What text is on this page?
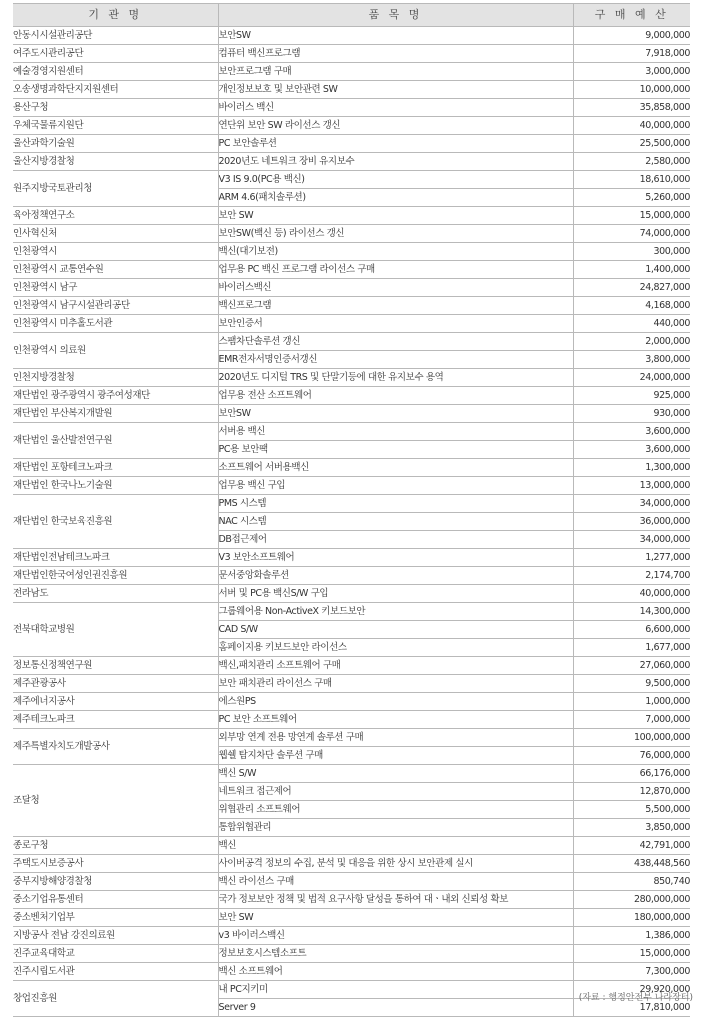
기 관 명	품 목 명	구 매 예 산
안동시시설관리공단	보안SW	9,000,000
여주도시관리공단	컴퓨터 백신프로그램	7,918,000
예술경영지원센터	보안프로그램 구매	3,000,000
오송생명과학단지지원센터	개인정보보호 및 보안관련 SW	10,000,000
용산구청	바이러스 백신	35,858,000
우체국물류지원단	연단위 보안 SW 라이선스 갱신	40,000,000
울산과학기술원	PC 보안솔루션	25,500,000
울산지방경찰청	2020년도 네트워크 장비 유지보수	2,580,000
원주지방국토관리청	V3 IS 9.0(PC용 백신)	18,610,000
	ARM 4.6(패치솔루션)	5,260,000
육아정책연구소	보안 SW	15,000,000
인사혁신처	보안SW(백신 등) 라이선스 갱신	74,000,000
인천광역시	백신(대기보전)	300,000
인천광역시 교통연수원	업무용 PC 백신 프로그램 라이선스 구매	1,400,000
인천광역시 남구	바이러스백신	24,827,000
인천광역시 남구시설관리공단	백신프로그램	4,168,000
인천광역시 미추홀도서관	보안인증서	440,000
인천광역시 의료원	스팸차단솔루션 갱신	2,000,000
	EMR전자서명인증서갱신	3,800,000
인천지방경찰청	2020년도 디지털 TRS 및 단말기등에 대한 유지보수 용역	24,000,000
재단법인 광주광역시 광주여성재단	업무용 전산 소프트웨어	925,000
재단법인 부산복지개발원	보안SW	930,000
재단법인 울산발전연구원	서버용 백신	3,600,000
	PC용 보안팩	3,600,000
재단법인 포항테크노파크	소프트웨어 서버용백신	1,300,000
재단법인 한국나노기술원	업무용 백신 구입	13,000,000
재단법인 한국보육진흥원	PMS 시스템	34,000,000
	NAC 시스템	36,000,000
	DB접근제어	34,000,000
재단법인전남테크노파크	V3 보안소프트웨어	1,277,000
재단법인한국여성인권진흥원	문서중앙화솔루션	2,174,700
전라남도	서버 및 PC용 백신S/W 구입	40,000,000
전북대학교병원	그룹웨어용 Non-ActiveX 키보드보안	14,300,000
	CAD S/W	6,600,000
	홈페이지용 키보드보안 라이선스	1,677,000
정보통신정책연구원	백신,패치관리 소프트웨어 구매	27,060,000
제주관광공사	보안 패치관리 라이선스 구매	9,500,000
제주에너지공사	에스원PS	1,000,000
제주테크노파크	PC 보안 소프트웨어	7,000,000
제주특별자치도개발공사	외부망 연계 전용 망연계 솔루션 구매	100,000,000
	웹쉘 탐지차단 솔루션 구매	76,000,000
조달청	백신 S/W	66,176,000
	네트워크 접근제어	12,870,000
	위협관리 소프트웨어	5,500,000
	통합위협관리	3,850,000
종로구청	백신	42,791,000
주택도시보증공사	사이버공격 정보의 수집, 분석 및 대응을 위한 상시 보안관제 실시	438,448,560
중부지방해양경찰청	백신 라이선스 구매	850,740
중소기업유통센터	국가 정보보안 정책 및 법적 요구사항 달성을 통하여 대ㆍ내외 신뢰성 확보	280,000,000
중소벤처기업부	보안 SW	180,000,000
지방공사 전남 강진의료원	v3 바이러스백신	1,386,000
진주교육대학교	정보보호시스템소프트	15,000,000
진주시립도서관	백신 소프트웨어	7,300,000
창업진흥원	내 PC지키미	29,920,000
	Server 9	17,810,000
(자료 : 행정안전부 나라장터)
